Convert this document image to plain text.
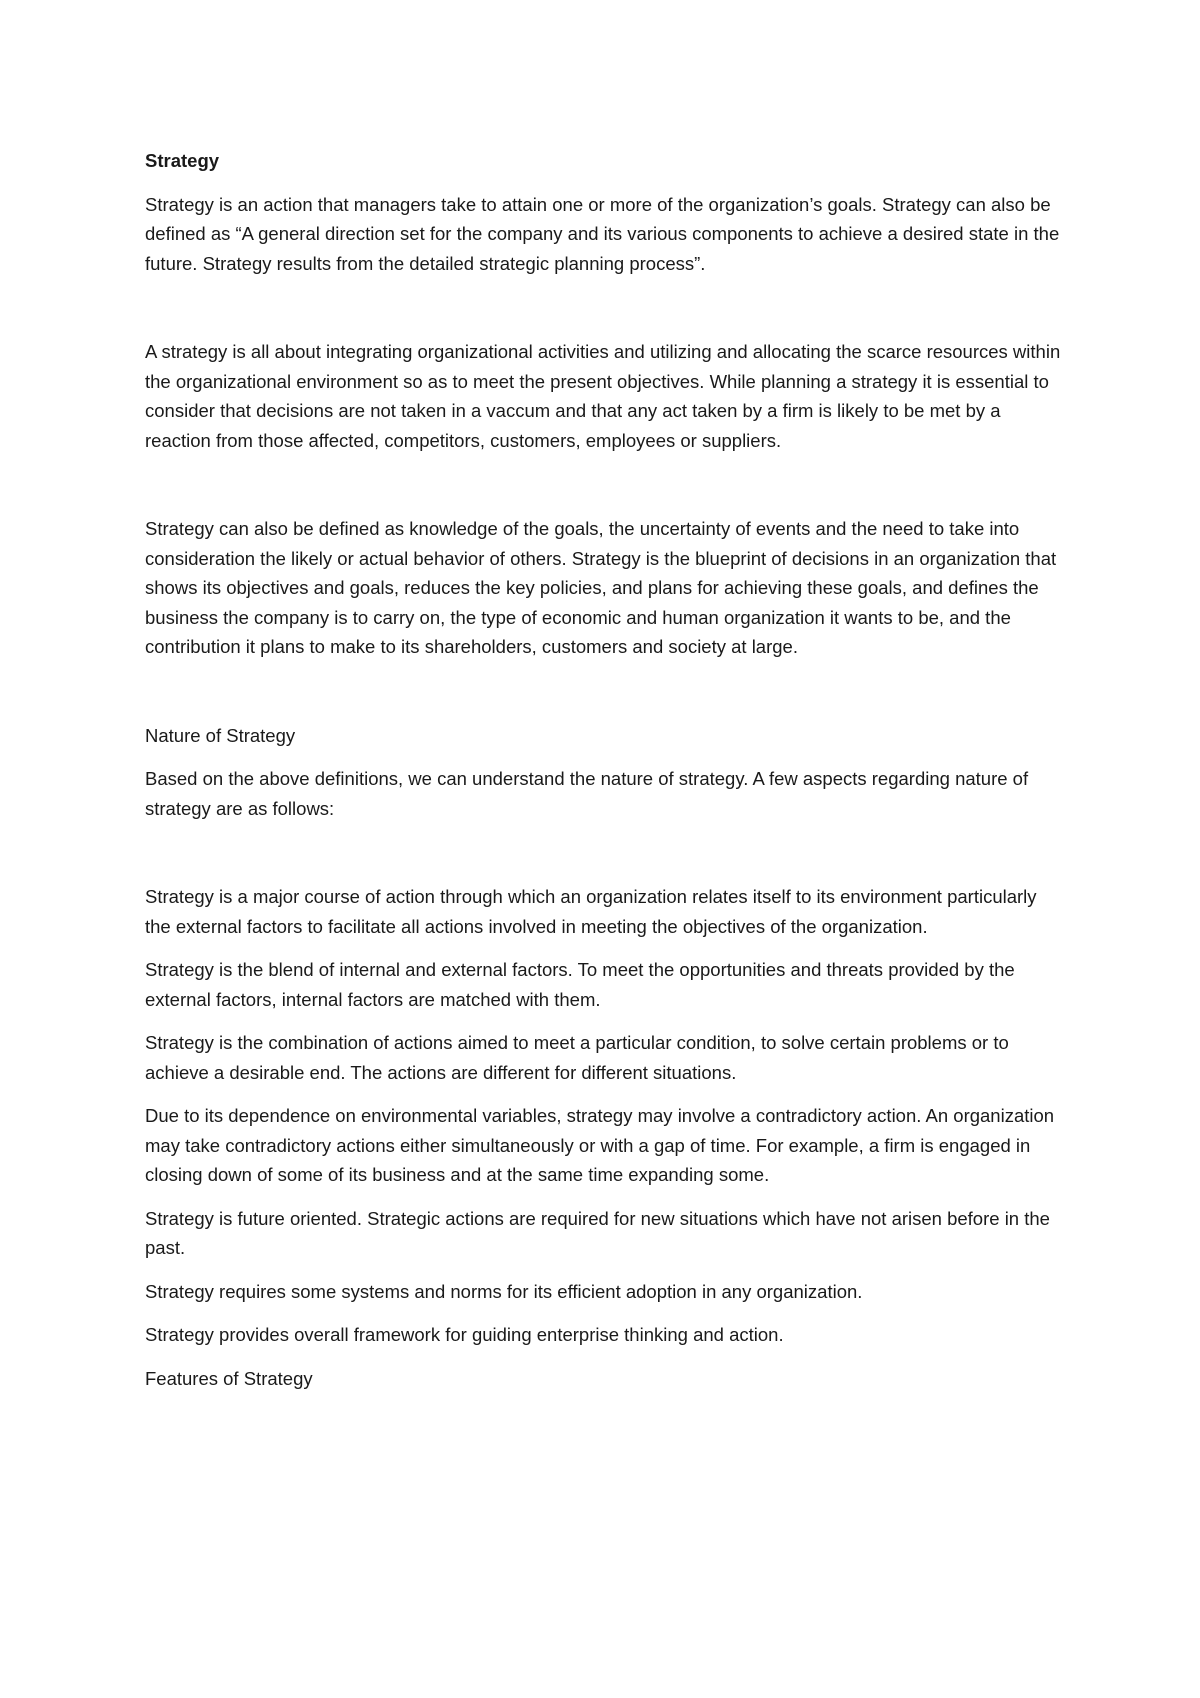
Strategy

Strategy is an action that managers take to attain one or more of the organization’s goals. Strategy can also be defined as “A general direction set for the company and its various components to achieve a desired state in the future. Strategy results from the detailed strategic planning process”.

A strategy is all about integrating organizational activities and utilizing and allocating the scarce resources within the organizational environment so as to meet the present objectives. While planning a strategy it is essential to consider that decisions are not taken in a vaccum and that any act taken by a firm is likely to be met by a reaction from those affected, competitors, customers, employees or suppliers.

Strategy can also be defined as knowledge of the goals, the uncertainty of events and the need to take into consideration the likely or actual behavior of others. Strategy is the blueprint of decisions in an organization that shows its objectives and goals, reduces the key policies, and plans for achieving these goals, and defines the business the company is to carry on, the type of economic and human organization it wants to be, and the contribution it plans to make to its shareholders, customers and society at large.

Nature of Strategy

Based on the above definitions, we can understand the nature of strategy. A few aspects regarding nature of strategy are as follows:

Strategy is a major course of action through which an organization relates itself to its environment particularly the external factors to facilitate all actions involved in meeting the objectives of the organization.

Strategy is the blend of internal and external factors. To meet the opportunities and threats provided by the external factors, internal factors are matched with them.

Strategy is the combination of actions aimed to meet a particular condition, to solve certain problems or to achieve a desirable end. The actions are different for different situations.

Due to its dependence on environmental variables, strategy may involve a contradictory action. An organization may take contradictory actions either simultaneously or with a gap of time. For example, a firm is engaged in closing down of some of its business and at the same time expanding some.

Strategy is future oriented. Strategic actions are required for new situations which have not arisen before in the past.

Strategy requires some systems and norms for its efficient adoption in any organization.

Strategy provides overall framework for guiding enterprise thinking and action.

Features of Strategy
